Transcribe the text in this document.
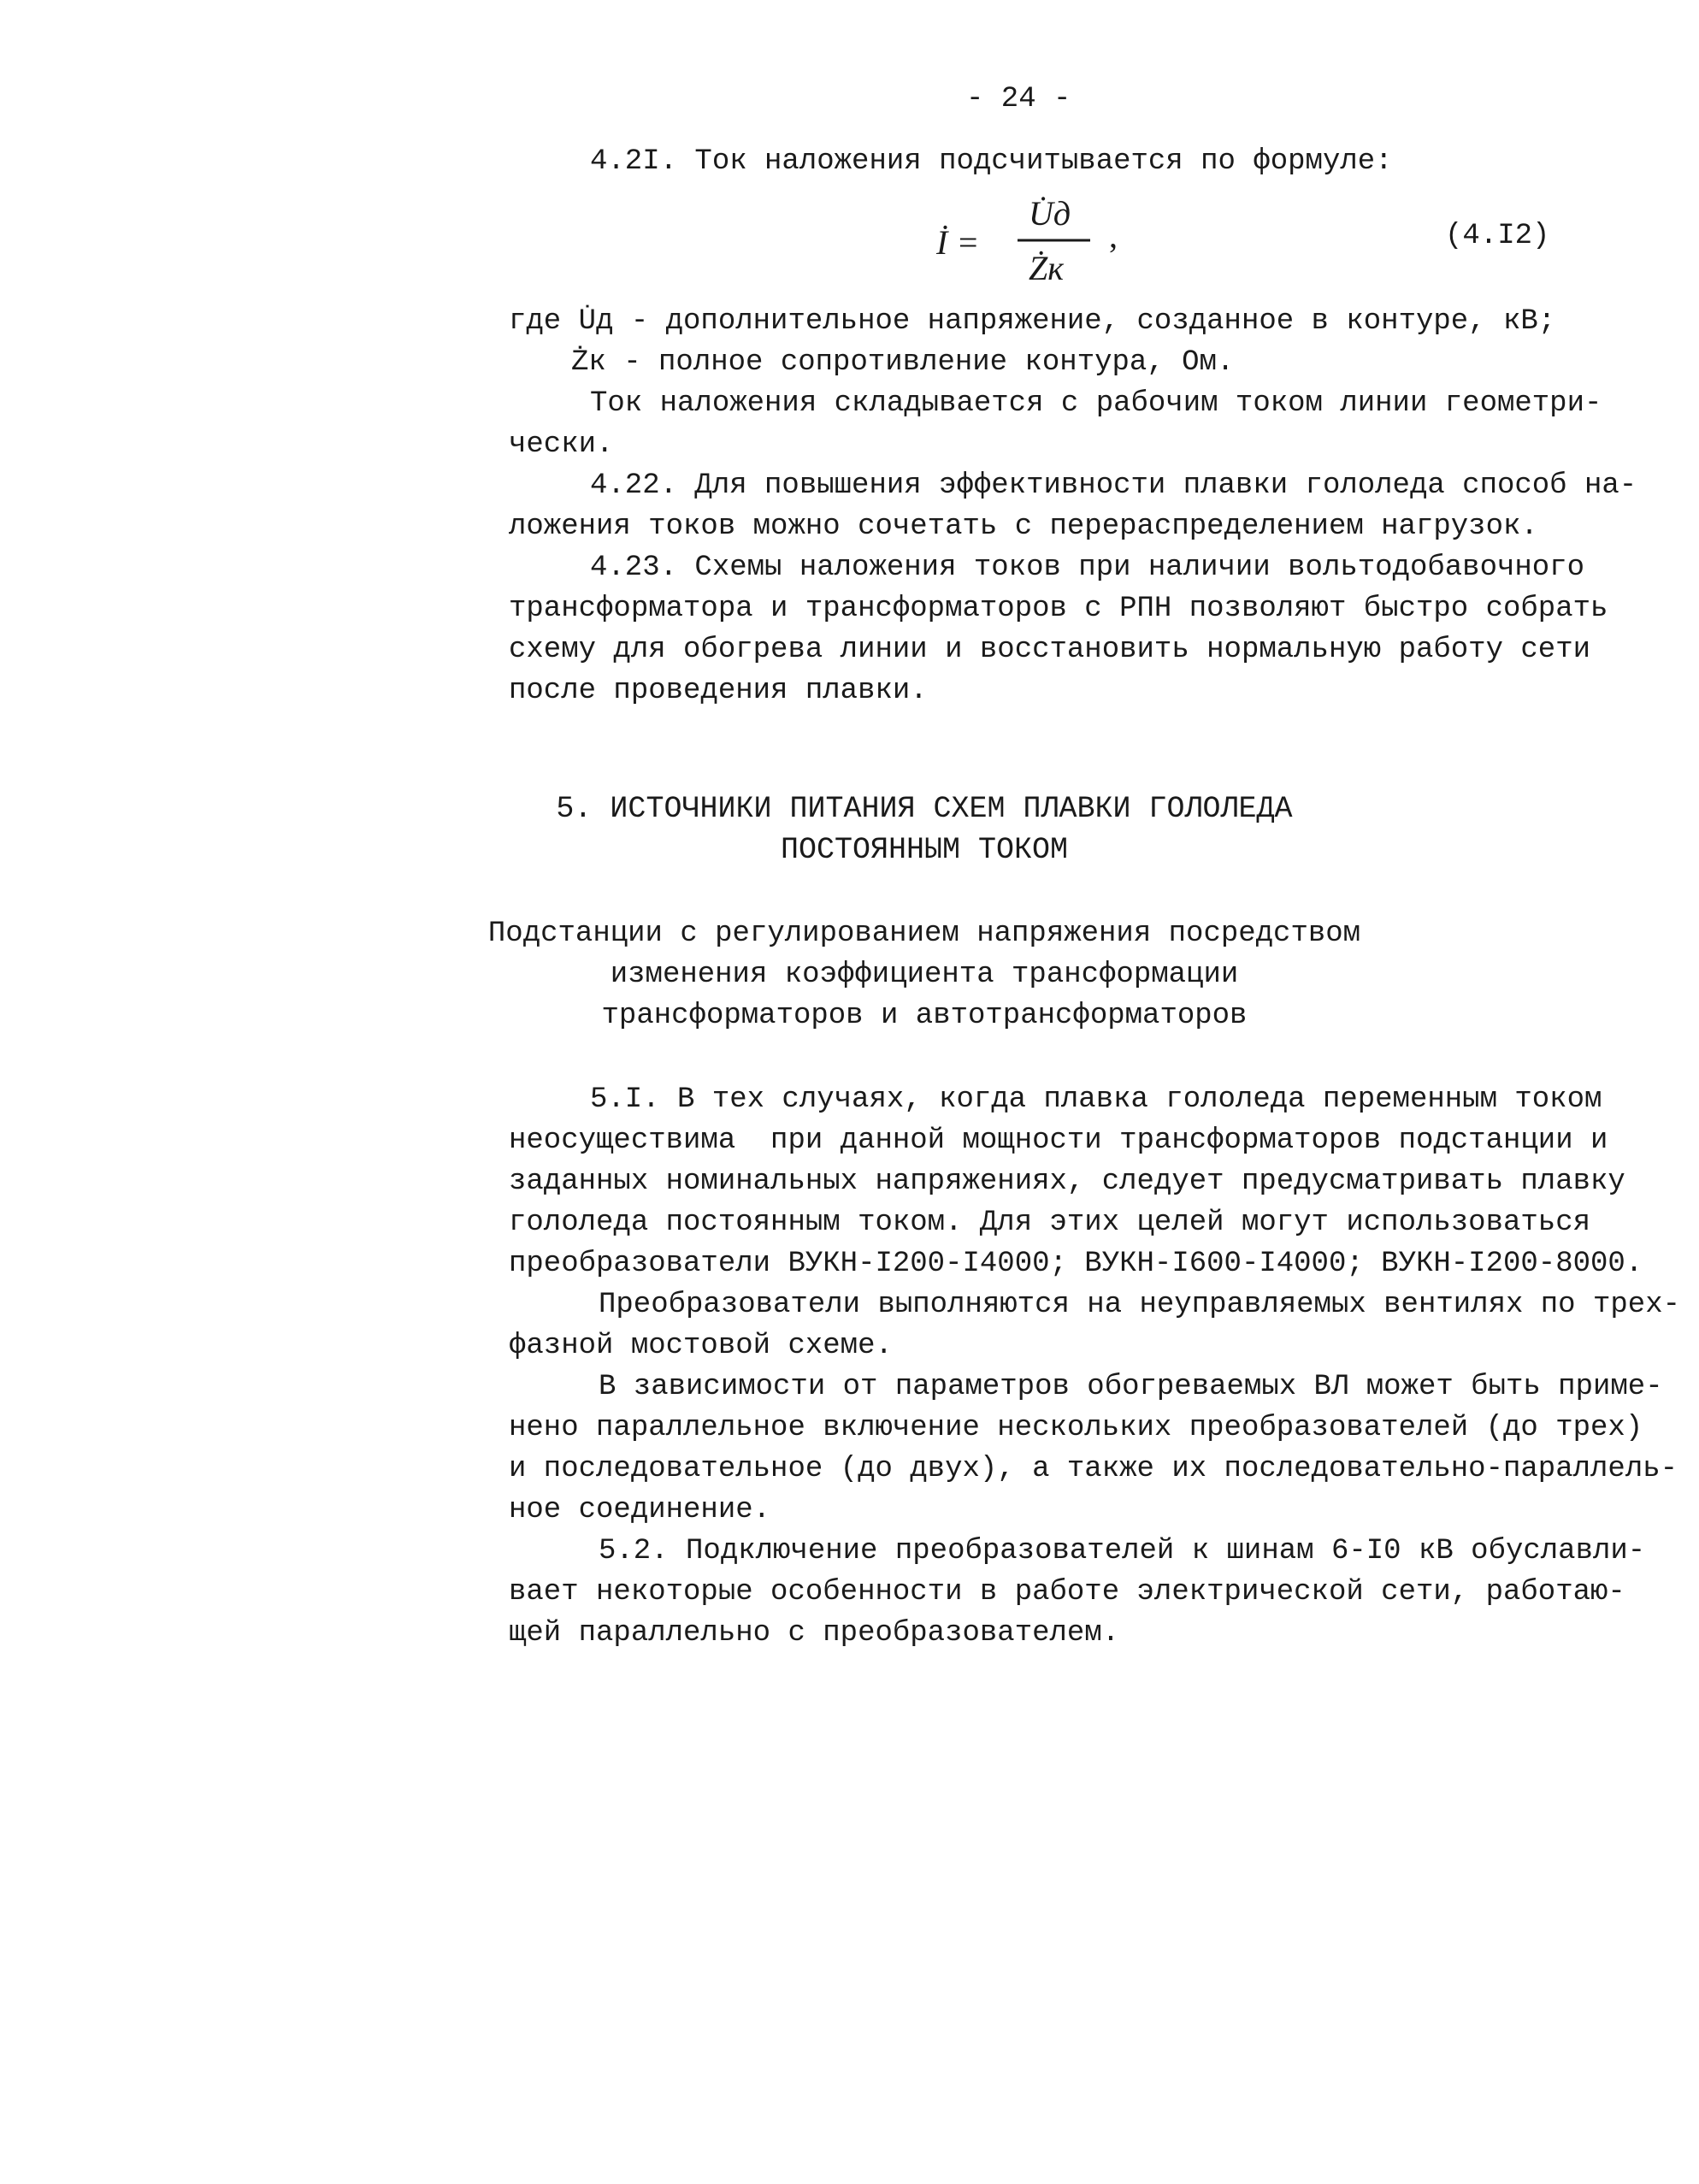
- 24 -
4.2I. Ток наложения подсчитывается по формуле:
İ =
U̇д
Żк
,	(4.I2)
где U̇д - дополнительное напряжение, созданное в контуре, кВ;
Żк - полное сопротивление контура, Ом.
Ток наложения складывается с рабочим током линии геометри-
чески.
4.22. Для повышения эффективности плавки гололеда способ на-
ложения токов можно сочетать с перераспределением нагрузок.
4.23. Схемы наложения токов при наличии вольтодобавочного
трансформатора и трансформаторов с РПН позволяют быстро собрать
схему для обогрева линии и восстановить нормальную работу сети
после проведения плавки.
5. ИСТОЧНИКИ ПИТАНИЯ СХЕМ ПЛАВКИ ГОЛОЛЕДА
ПОСТОЯННЫМ ТОКОМ
Подстанции с регулированием напряжения посредством
изменения коэффициента трансформации
трансформаторов и автотрансформаторов
5.I. В тех случаях, когда плавка гололеда переменным током
неосуществима  при данной мощности трансформаторов подстанции и
заданных номинальных напряжениях, следует предусматривать плавку
гололеда постоянным током. Для этих целей могут использоваться
преобразователи ВУКН-I200-I4000; ВУКН-I600-I4000; ВУКН-I200-8000.
Преобразователи выполняются на неуправляемых вентилях по трех-
фазной мостовой схеме.
В зависимости от параметров обогреваемых ВЛ может быть приме-
нено параллельное включение нескольких преобразователей (до трех)
и последовательное (до двух), а также их последовательно-параллель-
ное соединение.
5.2. Подключение преобразователей к шинам 6-I0 кВ обуславли-
вает некоторые особенности в работе электрической сети, работаю-
щей параллельно с преобразователем.
